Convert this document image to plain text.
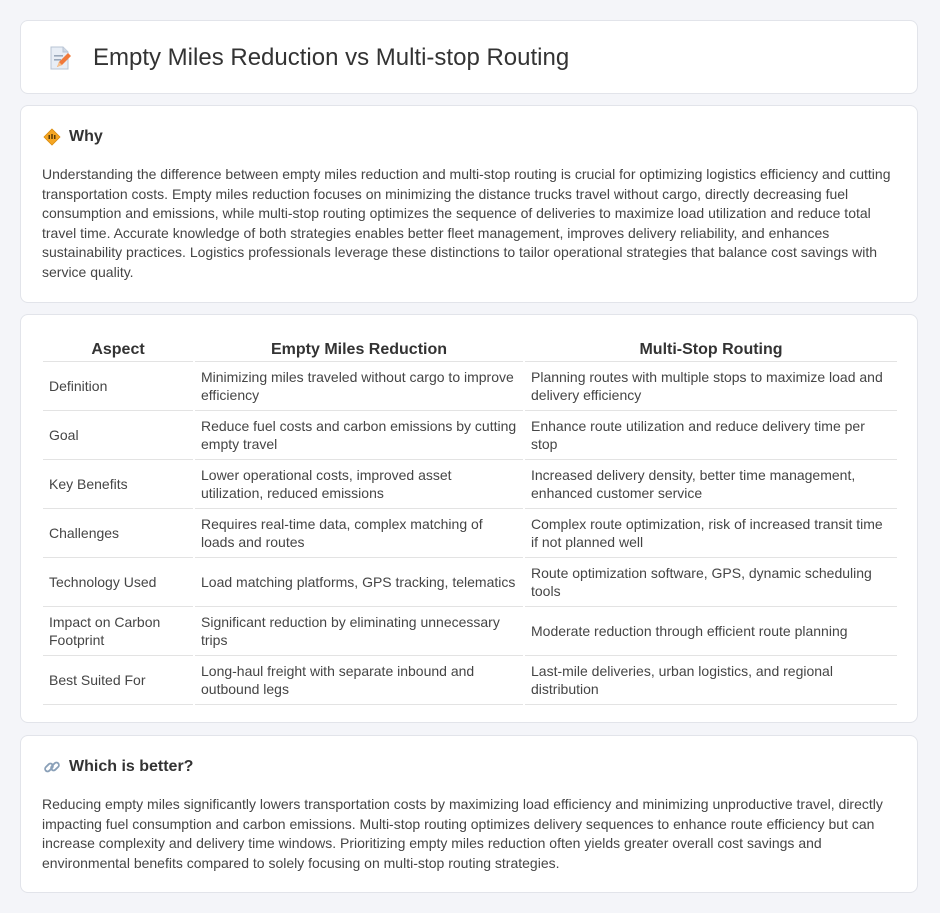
Empty Miles Reduction vs Multi-stop Routing
Why

Understanding the difference between empty miles reduction and multi-stop routing is crucial for optimizing logistics efficiency and cutting transportation costs. Empty miles reduction focuses on minimizing the distance trucks travel without cargo, directly decreasing fuel consumption and emissions, while multi-stop routing optimizes the sequence of deliveries to maximize load utilization and reduce total travel time. Accurate knowledge of both strategies enables better fleet management, improves delivery reliability, and enhances sustainability practices. Logistics professionals leverage these distinctions to tailor operational strategies that balance cost savings with service quality.

Aspect	Empty Miles Reduction	Multi-Stop Routing
Definition	Minimizing miles traveled without cargo to improve efficiency	Planning routes with multiple stops to maximize load and delivery efficiency
Goal	Reduce fuel costs and carbon emissions by cutting empty travel	Enhance route utilization and reduce delivery time per stop
Key Benefits	Lower operational costs, improved asset utilization, reduced emissions	Increased delivery density, better time management, enhanced customer service
Challenges	Requires real-time data, complex matching of loads and routes	Complex route optimization, risk of increased transit time if not planned well
Technology Used	Load matching platforms, GPS tracking, telematics	Route optimization software, GPS, dynamic scheduling tools
Impact on Carbon Footprint	Significant reduction by eliminating unnecessary trips	Moderate reduction through efficient route planning
Best Suited For	Long-haul freight with separate inbound and outbound legs	Last-mile deliveries, urban logistics, and regional distribution
Which is better?

Reducing empty miles significantly lowers transportation costs by maximizing load efficiency and minimizing unproductive travel, directly impacting fuel consumption and carbon emissions. Multi-stop routing optimizes delivery sequences to enhance route efficiency but can increase complexity and delivery time windows. Prioritizing empty miles reduction often yields greater overall cost savings and environmental benefits compared to solely focusing on multi-stop routing strategies.
